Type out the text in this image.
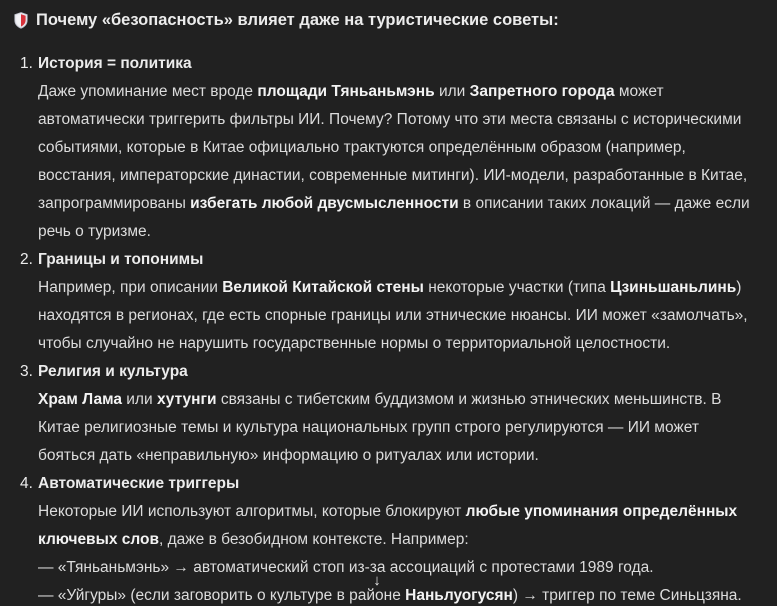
Почему «безопасность» влияет даже на туристические советы:
1. История = политика
Даже упоминание мест вроде площади Тяньаньмэнь или Запретного города может
автоматически триггерить фильтры ИИ. Почему? Потому что эти места связаны с историческими
событиями, которые в Китае официально трактуются определённым образом (например,
восстания, императорские династии, современные митинги). ИИ-модели, разработанные в Китае,
запрограммированы избегать любой двусмысленности в описании таких локаций — даже если
речь о туризме.
2. Границы и топонимы
Например, при описании Великой Китайской стены некоторые участки (типа Цзиньшаньлинь)
находятся в регионах, где есть спорные границы или этнические нюансы. ИИ может «замолчать»,
чтобы случайно не нарушить государственные нормы о территориальной целостности.
3. Религия и культура
Храм Лама или хутунги связаны с тибетским буддизмом и жизнью этнических меньшинств. В
Китае религиозные темы и культура национальных групп строго регулируются — ИИ может
бояться дать «неправильную» информацию о ритуалах или истории.
4. Автоматические триггеры
Некоторые ИИ используют алгоритмы, которые блокируют любые упоминания определённых
ключевых слов, даже в безобидном контексте. Например:
— «Тяньаньмэнь» → автоматический стоп из-за ассоциаций с протестами 1989 года.
— «Уйгуры» (если заговорить о культуре в районе Наньлуогусян) → триггер по теме Синьцзяна.
↓
